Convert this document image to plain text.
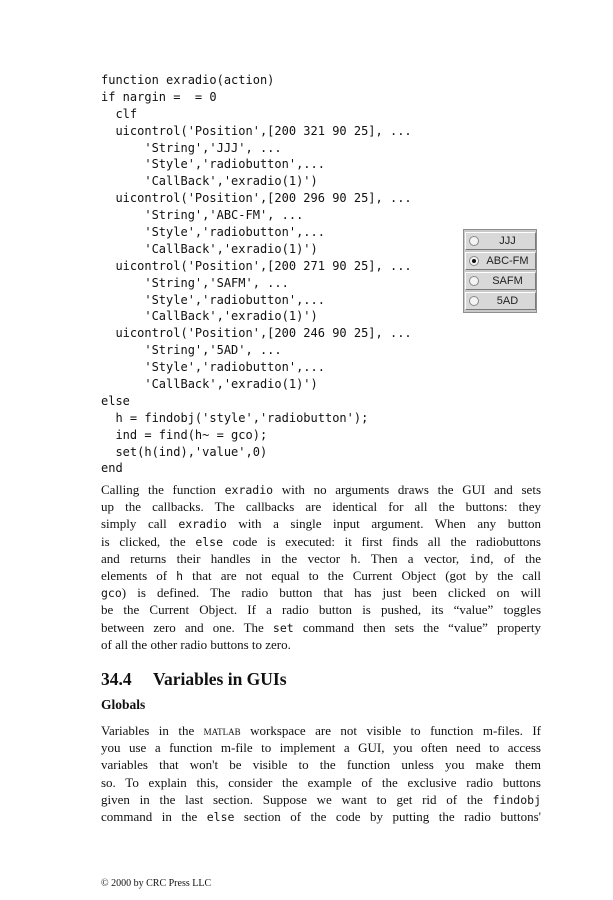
function exradio(action)
if nargin =  = 0
clf
uicontrol('Position',[200 321 90 25], ...
'String','JJJ', ...
'Style','radiobutton',...
'CallBack','exradio(1)')
uicontrol('Position',[200 296 90 25], ...
'String','ABC-FM', ...
'Style','radiobutton',...
'CallBack','exradio(1)')
uicontrol('Position',[200 271 90 25], ...
'String','SAFM', ...
'Style','radiobutton',...
'CallBack','exradio(1)')
uicontrol('Position',[200 246 90 25], ...
'String','5AD', ...
'Style','radiobutton',...
'CallBack','exradio(1)')
else
h = findobj('style','radiobutton');
ind = find(h~ = gco);
set(h(ind),'value',0)
end
JJJ
ABC-FM
SAFM
5AD
Calling the function exradio with no arguments draws the GUI and sets
up the callbacks. The callbacks are identical for all the buttons: they
simply call exradio with a single input argument. When any button
is clicked, the else code is executed: it first finds all the radiobuttons
and returns their handles in the vector h. Then a vector, ind, of the
elements of h that are not equal to the Current Object (got by the call
gco) is defined. The radio button that has just been clicked on will
be the Current Object. If a radio button is pushed, its “value” toggles
between zero and one. The set command then sets the “value” property
of all the other radio buttons to zero.
34.4 Variables in GUIs
Globals
Variables in the matlab workspace are not visible to function m-files. If
you use a function m-file to implement a GUI, you often need to access
variables that won't be visible to the function unless you make them
so. To explain this, consider the example of the exclusive radio buttons
given in the last section. Suppose we want to get rid of the findobj
command in the else section of the code by putting the radio buttons'
© 2000 by CRC Press LLC
